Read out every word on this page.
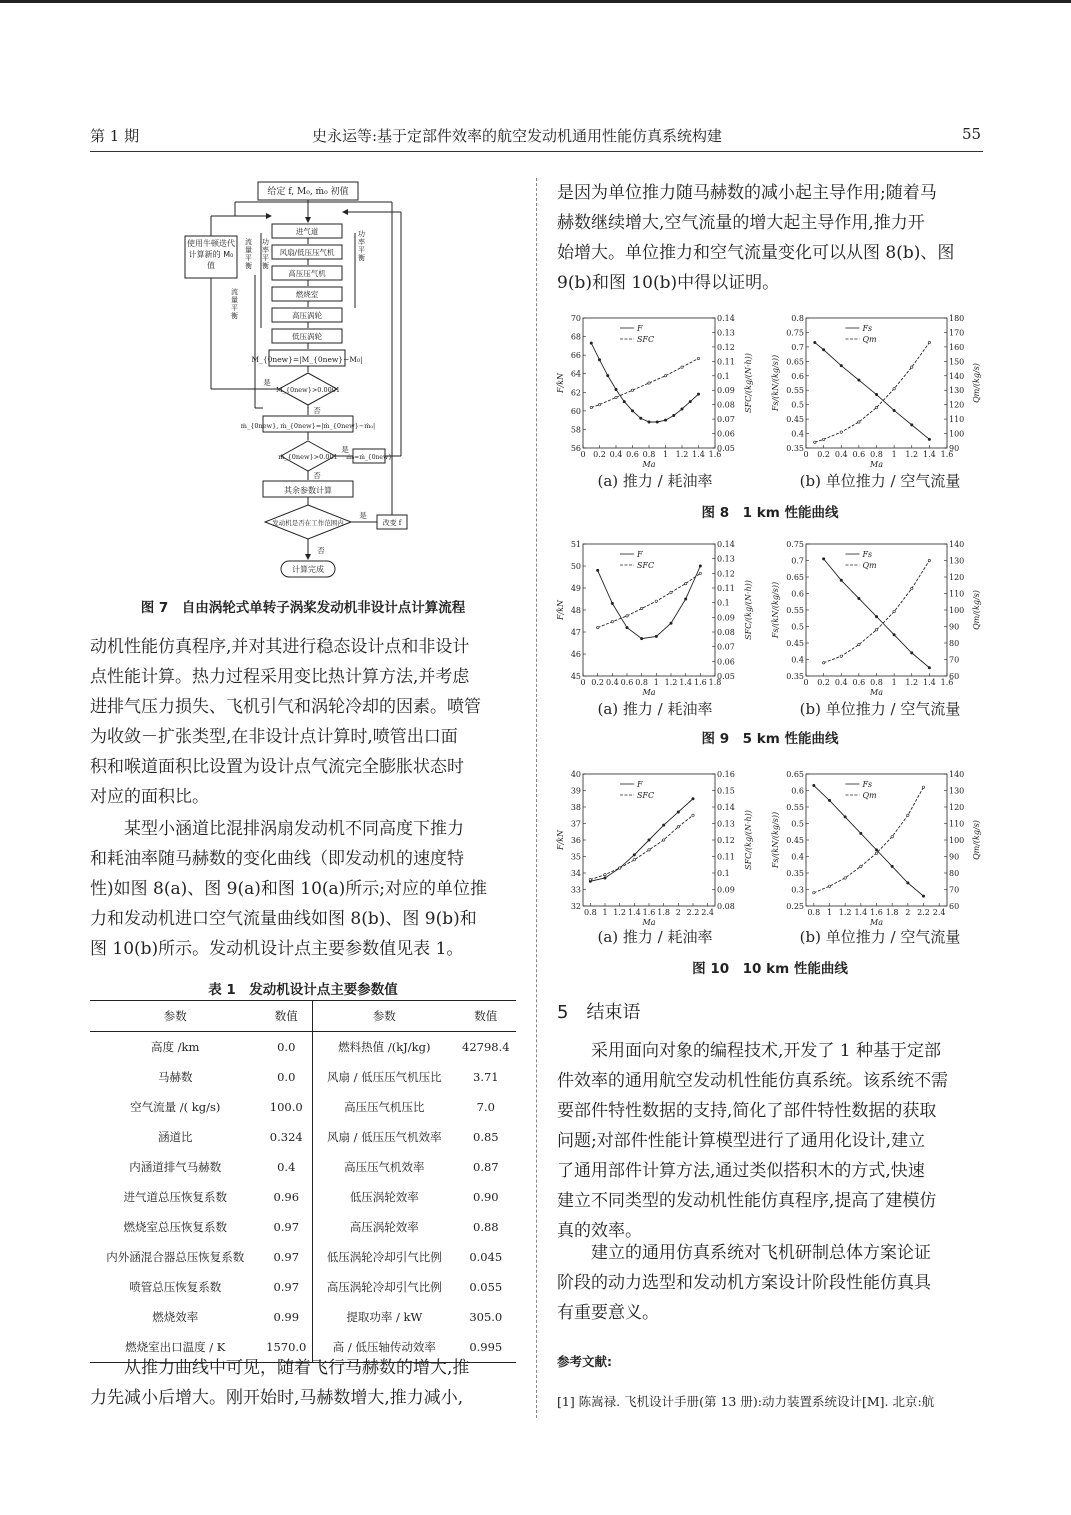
第 1 期	史永运等:基于定部件效率的航空发动机通用性能仿真系统构建	55
给定 f, M₀, ṁ₀ 初值
进气道
风扇/低压压气机
高压压气机
燃烧室
高压涡轮
低压涡轮
M_{0new}=|M_{0new}−M₀|
M_{0new}>0.0001
是
否
ṁ_{0new}, ṁ_{0new}=|ṁ_{0new}−ṁ₀|
ṁ_{0new}>0.001
是
ṁ₀=ṁ_{0new}
否
其余参数计算
发动机是否在工作范围内
是
改变 f
否
计算完成
使用牛顿迭代计算新的 M₀ 值
流量平衡
功率平衡
功率平衡
流量平衡
图 7　自由涡轮式单转子涡桨发动机非设计点计算流程
动机性能仿真程序,并对其进行稳态设计点和非设计
点性能计算。热力过程采用变比热计算方法,并考虑
进排气压力损失、飞机引气和涡轮冷却的因素。喷管
为收敛－扩张类型,在非设计点计算时,喷管出口面
积和喉道面积比设置为设计点气流完全膨胀状态时
对应的面积比。
　　某型小涵道比混排涡扇发动机不同高度下推力
和耗油率随马赫数的变化曲线（即发动机的速度特
性)如图 8(a)、图 9(a)和图 10(a)所示;对应的单位推
力和发动机进口空气流量曲线如图 8(b)、图 9(b)和
图 10(b)所示。发动机设计点主要参数值见表 1。
表 1　发动机设计点主要参数值
参数	数值	参数	数值
高度 /km	0.0	燃料热值 /(kJ/kg)	42798.4
马赫数	0.0	风扇 / 低压压气机压比	3.71
空气流量 /( kg/s)	100.0	高压压气机压比	7.0
涵道比	0.324	风扇 / 低压压气机效率	0.85
内涵道排气马赫数	0.4	高压压气机效率	0.87
进气道总压恢复系数	0.96	低压涡轮效率	0.90
燃烧室总压恢复系数	0.97	高压涡轮效率	0.88
内外涵混合器总压恢复系数	0.97	低压涡轮冷却引气比例	0.045
喷管总压恢复系数	0.97	高压涡轮冷却引气比例	0.055
燃烧效率	0.99	提取功率 / kW	305.0
燃烧室出口温度 / K	1570.0	高 / 低压轴传动效率	0.995
　　从推力曲线中可见，随着飞行马赫数的增大,推
力先减小后增大。刚开始时,马赫数增大,推力减小,
是因为单位推力随马赫数的减小起主导作用;随着马
赫数继续增大,空气流量的增大起主导作用,推力开
始增大。单位推力和空气流量变化可以从图 8(b)、图
9(b)和图 10(b)中得以证明。
0 0.2 0.4 0.6 0.8 1 1.2 1.4 1.6
56
58
60
62
64
66
68
70
0.05
0.06
0.07
0.08
0.09
0.1
0.11
0.12
0.13
0.14
Ma
F/kN	SFC/(kg/(N·h))
F
SFC
0 0.2 0.4 0.6 0.8 1 1.2 1.4 1.6
0.35
0.4
0.45
0.5
0.55
0.6
0.65
0.7
0.75
0.8
90
100
110
120
130
140
150
160
170
180
Ma
Fs/(kN/(kg/s))	Qm/(kg/s)
Fs
Qm
(a) 推力 / 耗油率	(b) 单位推力 / 空气流量
图 8　1 km 性能曲线
0 0.2 0.4 0.6 0.8 1 1.2 1.4 1.6 1.8
45
46
47
48
49
50
51
0.05
0.06
0.07
0.08
0.09
0.1
0.11
0.12
0.13
0.14
Ma
F/kN	SFC/(kg/(N·h))
F
SFC
0 0.2 0.4 0.6 0.8 1 1.2 1.4 1.6
0.35
0.4
0.45
0.5
0.55
0.6
0.65
0.7
0.75
60
70
80
90
100
110
120
130
140
Ma
Fs/(kN/(kg/s))	Qm/(kg/s)
Fs
Qm
(a) 推力 / 耗油率	(b) 单位推力 / 空气流量
图 9　5 km 性能曲线
0.8 1 1.2 1.4 1.6 1.8 2 2.2 2.4
32
33
34
35
36
37
38
39
40
0.08
0.09
0.1
0.11
0.12
0.13
0.14
0.15
0.16
Ma
F/kN	SFC/(kg/(N·h))
F
SFC
0.8 1 1.2 1.4 1.6 1.8 2 2.2 2.4
0.25
0.3
0.35
0.4
0.45
0.5
0.55
0.6
0.65
60
70
80
90
100
110
120
130
140
Ma
Fs/(kN/(kg/s))	Qm/(kg/s)
Fs
Qm
(a) 推力 / 耗油率	(b) 单位推力 / 空气流量
图 10　10 km 性能曲线
5　结束语
　　采用面向对象的编程技术,开发了 1 种基于定部
件效率的通用航空发动机性能仿真系统。该系统不需
要部件特性数据的支持,简化了部件特性数据的获取
问题;对部件性能计算模型进行了通用化设计,建立
了通用部件计算方法,通过类似搭积木的方式,快速
建立不同类型的发动机性能仿真程序,提高了建模仿
真的效率。
　　建立的通用仿真系统对飞机研制总体方案论证
阶段的动力选型和发动机方案设计阶段性能仿真具
有重要意义。
参考文献:
[1] 陈嵩禄. 飞机设计手册(第 13 册):动力装置系统设计[M]. 北京:航
